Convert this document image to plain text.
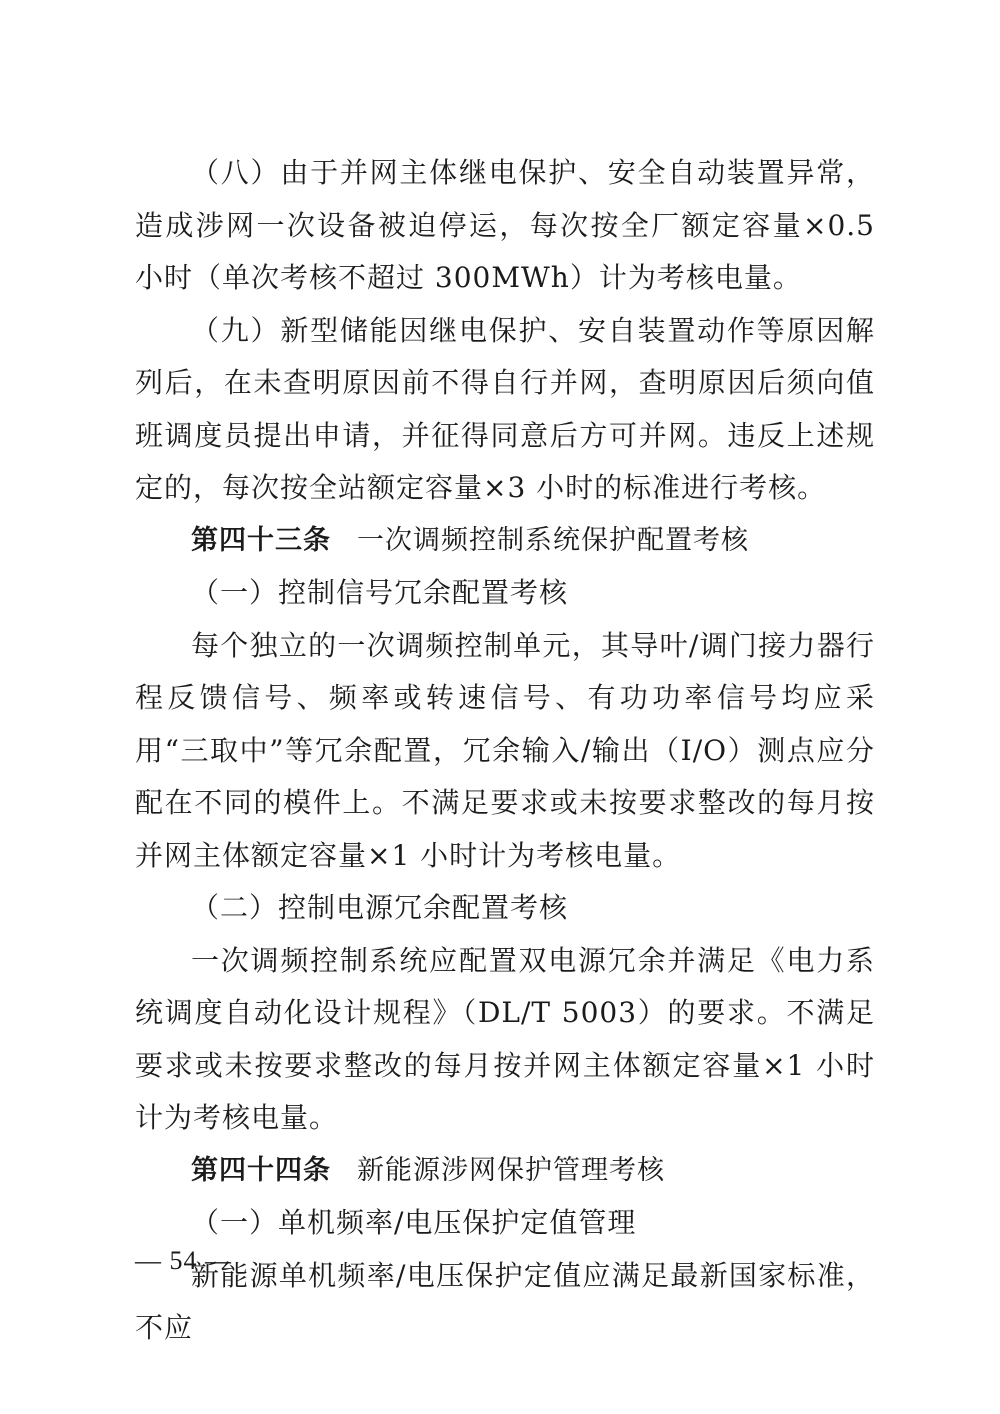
（八）由于并网主体继电保护、安全自动装置异常，造成涉网一次设备被迫停运，每次按全厂额定容量×0.5 小时（单次考核不超过 300MWh）计为考核电量。

（九）新型储能因继电保护、安自装置动作等原因解列后，在未查明原因前不得自行并网，查明原因后须向值班调度员提出申请，并征得同意后方可并网。违反上述规定的，每次按全站额定容量×3 小时的标准进行考核。

第四十三条 一次调频控制系统保护配置考核

（一）控制信号冗余配置考核

每个独立的一次调频控制单元，其导叶/调门接力器行程反馈信号、频率或转速信号、有功功率信号均应采用“三取中”等冗余配置，冗余输入/输出（I/O）测点应分配在不同的模件上。不满足要求或未按要求整改的每月按并网主体额定容量×1 小时计为考核电量。

（二）控制电源冗余配置考核

一次调频控制系统应配置双电源冗余并满足《电力系统调度自动化设计规程》（DL/T 5003）的要求。不满足要求或未按要求整改的每月按并网主体额定容量×1 小时计为考核电量。

第四十四条 新能源涉网保护管理考核

（一）单机频率/电压保护定值管理

新能源单机频率/电压保护定值应满足最新国家标准，不应

— 54 —
